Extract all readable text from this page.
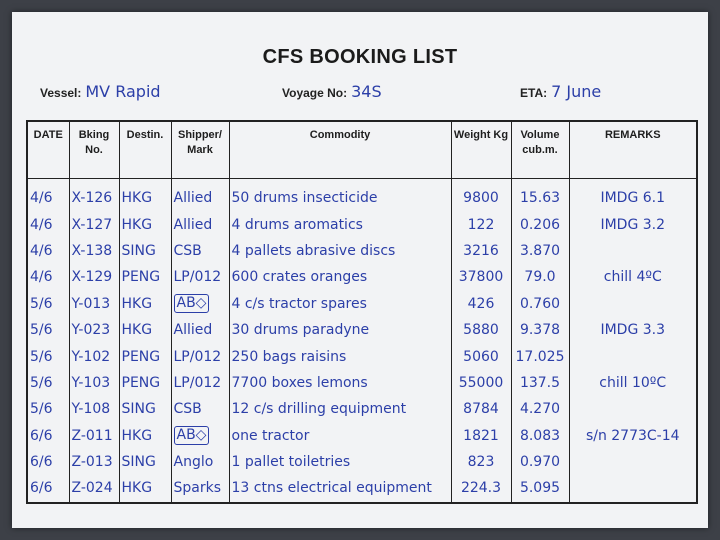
CFS BOOKING LIST
Vessel: MV Rapid	Voyage No: 34S	ETA: 7 June
DATE	Bking No.	Destin.	Shipper/ Mark	Commodity	Weight Kg	Volume cub.m.	REMARKS
4/6	X-126	HKG	Allied	50 drums insecticide	9800	15.63	IMDG 6.1
4/6	X-127	HKG	Allied	4 drums aromatics	122	0.206	IMDG 3.2
4/6	X-138	SING	CSB	4 pallets abrasive discs	3216	3.870	
4/6	X-129	PENG	LP/012	600 crates oranges	37800	79.0	chill 4ºC
5/6	Y-013	HKG	AB◇	4 c/s tractor spares	426	0.760	
5/6	Y-023	HKG	Allied	30 drums paradyne	5880	9.378	IMDG 3.3
5/6	Y-102	PENG	LP/012	250 bags raisins	5060	17.025	
5/6	Y-103	PENG	LP/012	7700 boxes lemons	55000	137.5	chill 10ºC
5/6	Y-108	SING	CSB	12 c/s drilling equipment	8784	4.270	
6/6	Z-011	HKG	AB◇	one tractor	1821	8.083	s/n 2773C-14
6/6	Z-013	SING	Anglo	1 pallet toiletries	823	0.970	
6/6	Z-024	HKG	Sparks	13 ctns electrical equipment	224.3	5.095	
